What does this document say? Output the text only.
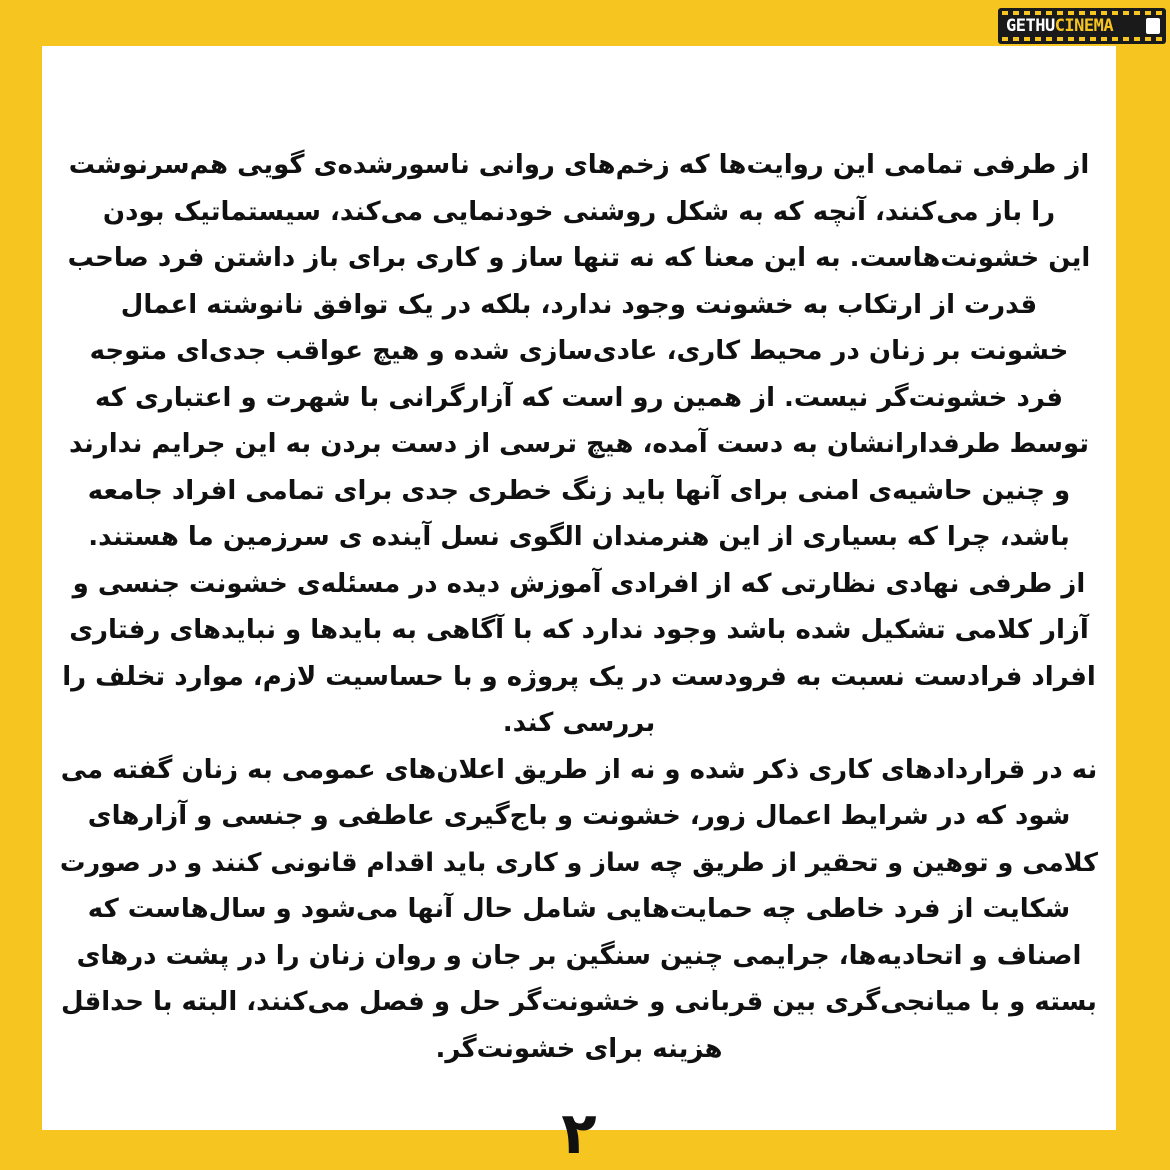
GETHUCINEMA

از طرفی تمامی این روایت‌ها که زخم‌های روانی ناسورشده‌ی گویی هم‌سرنوشت

را باز می‌کنند، آنچه که به شکل روشنی خودنمایی می‌کند، سیستماتیک بودن

این خشونت‌هاست. به این معنا که نه تنها ساز و کاری برای باز داشتن فرد صاحب

قدرت از ارتکاب به خشونت وجود ندارد، بلکه در یک توافق نانوشته اعمال

خشونت بر زنان در محیط کاری، عادی‌سازی شده و هیچ عواقب جدی‌ای متوجه

فرد خشونت‌گر نیست. از همین رو است که آزارگرانی با شهرت و اعتباری که

توسط طرفدارانشان به دست آمده، هیچ ترسی از دست بردن به این جرایم ندارند

و چنین حاشیه‌ی امنی برای آنها باید زنگ خطری جدی برای تمامی افراد جامعه

باشد، چرا که بسیاری از این هنرمندان الگوی نسل آینده ی سرزمین ما هستند.

از طرفی نهادی نظارتی که از افرادی آموزش دیده در مسئله‌ی خشونت جنسی و

آزار کلامی تشکیل شده باشد وجود ندارد که با آگاهی به بایدها و نبایدهای رفتاری

افراد فرادست نسبت به فرودست در یک پروژه و با حساسیت لازم، موارد تخلف را

بررسی کند.

نه در قراردادهای کاری ذکر شده و نه از طریق اعلان‌های عمومی به زنان گفته می

شود که در شرایط اعمال زور، خشونت و باج‌گیری عاطفی و جنسی و آزارهای

کلامی و توهین و تحقیر از طریق چه ساز و کاری باید اقدام قانونی کنند و در صورت

شکایت از فرد خاطی چه حمایت‌هایی شامل حال آنها می‌شود و سال‌هاست که

اصناف و اتحادیه‌ها، جرایمی چنین سنگین بر جان و روان زنان را در پشت درهای

بسته و با میانجی‌گری بین قربانی و خشونت‌گر حل و فصل می‌کنند، البته با حداقل

هزینه برای خشونت‌گر.

۲
